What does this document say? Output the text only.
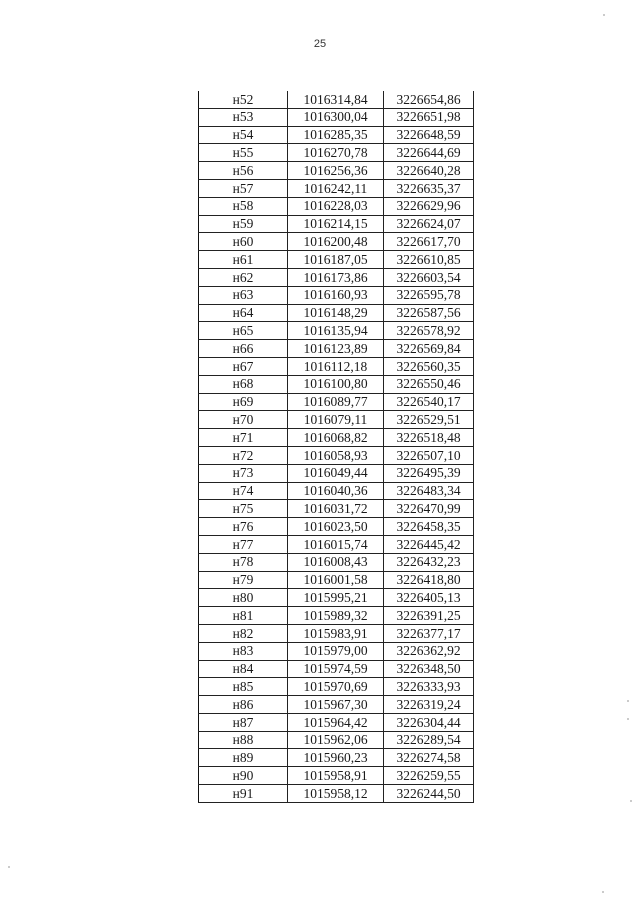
25
н52	1016314,84	3226654,86
н53	1016300,04	3226651,98
н54	1016285,35	3226648,59
н55	1016270,78	3226644,69
н56	1016256,36	3226640,28
н57	1016242,11	3226635,37
н58	1016228,03	3226629,96
н59	1016214,15	3226624,07
н60	1016200,48	3226617,70
н61	1016187,05	3226610,85
н62	1016173,86	3226603,54
н63	1016160,93	3226595,78
н64	1016148,29	3226587,56
н65	1016135,94	3226578,92
н66	1016123,89	3226569,84
н67	1016112,18	3226560,35
н68	1016100,80	3226550,46
н69	1016089,77	3226540,17
н70	1016079,11	3226529,51
н71	1016068,82	3226518,48
н72	1016058,93	3226507,10
н73	1016049,44	3226495,39
н74	1016040,36	3226483,34
н75	1016031,72	3226470,99
н76	1016023,50	3226458,35
н77	1016015,74	3226445,42
н78	1016008,43	3226432,23
н79	1016001,58	3226418,80
н80	1015995,21	3226405,13
н81	1015989,32	3226391,25
н82	1015983,91	3226377,17
н83	1015979,00	3226362,92
н84	1015974,59	3226348,50
н85	1015970,69	3226333,93
н86	1015967,30	3226319,24
н87	1015964,42	3226304,44
н88	1015962,06	3226289,54
н89	1015960,23	3226274,58
н90	1015958,91	3226259,55
н91	1015958,12	3226244,50
